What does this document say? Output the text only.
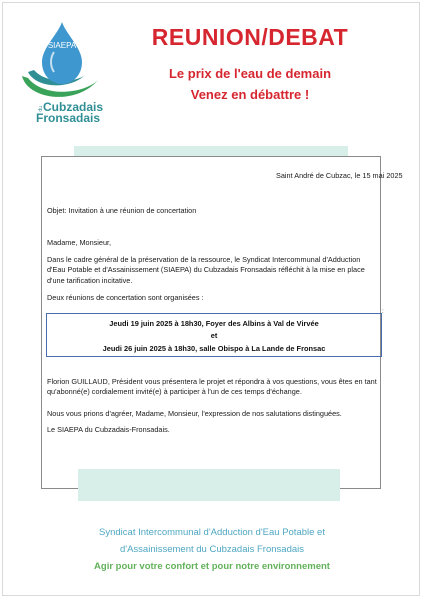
SIAEPA
du Cubzadais
Fronsadais
REUNION/DEBAT
Le prix de l'eau de demain
Venez en débattre !
Saint André de Cubzac, le 15 mai 2025
Objet: Invitation à une réunion de concertation
Madame, Monsieur,
Dans le cadre général de la préservation de la ressource, le Syndicat Intercommunal d'Adduction d'Eau Potable et d'Assainissement (SIAEPA) du Cubzadais Fronsadais réfléchit à la mise en place d'une tarification incitative.
Deux réunions de concertation sont organisées :
Jeudi 19 juin 2025 à 18h30, Foyer des Albins à Val de Virvée
et
Jeudi 26 juin 2025 à 18h30, salle Obispo à La Lande de Fronsac
:
Florion GUILLAUD, Président vous présentera le projet et répondra à vos questions, vous êtes en tant qu'abonné(e) cordialement invité(e) à participer à l'un de ces temps d'échange.
Nous vous prions d'agréer, Madame, Monsieur, l'expression de nos salutations distinguées.
Le SIAEPA du Cubzadais-Fronsadais.
Syndicat Intercommunal d'Adduction d'Eau Potable et
d'Assainissement du Cubzadais Fronsadais
Agir pour votre confort et pour notre environnement
